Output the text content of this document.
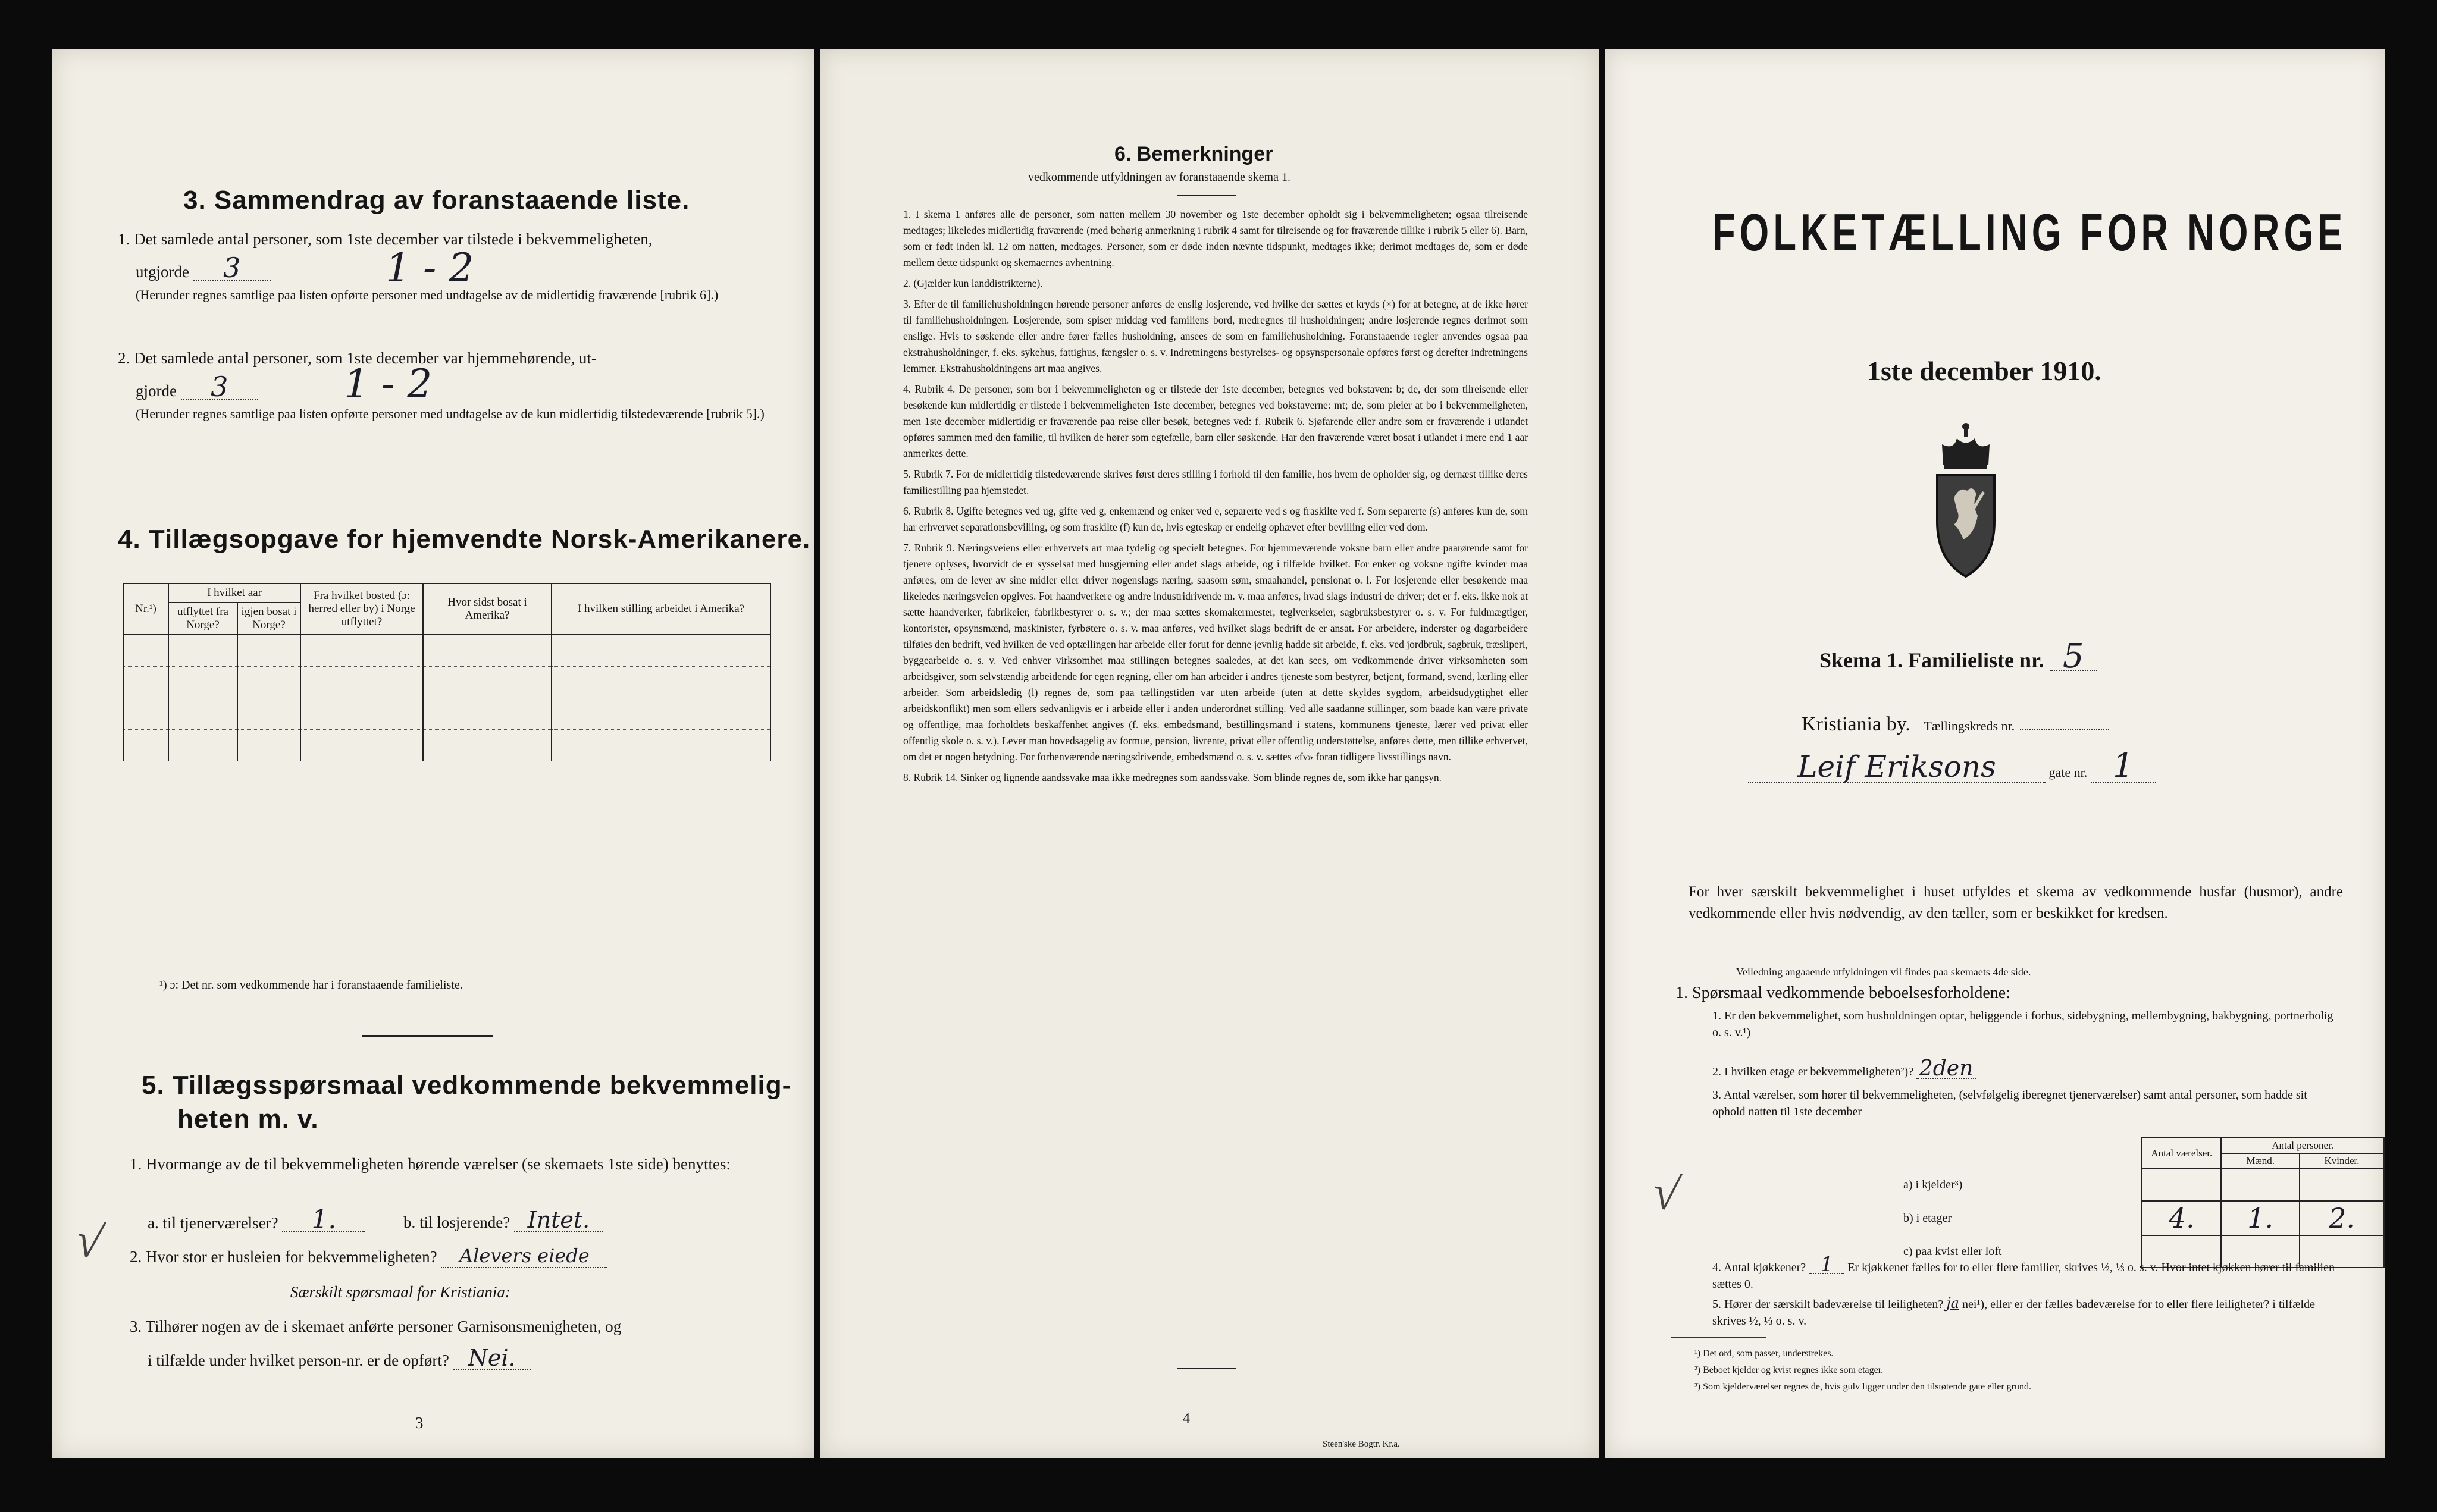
3. Sammendrag av foranstaaende liste.
1. Det samlede antal personer, som 1ste december var tilstede i bekvemmeligheten,
utgjorde 3	1 - 2
(Herunder regnes samtlige paa listen opførte personer med undtagelse av de midlertidig fraværende [rubrik 6].)
2. Det samlede antal personer, som 1ste december var hjemmehørende, ut-
gjorde 3	1 - 2
(Herunder regnes samtlige paa listen opførte personer med undtagelse av de kun midlertidig tilstedeværende [rubrik 5].)
4. Tillægsopgave for hjemvendte Norsk-Amerikanere.
Nr.¹)	I hvilket aar		Fra hvilket bosted (ɔ: herred eller by) i Norge utflyttet?	Hvor sidst bosat i Amerika?	I hvilken stilling arbeidet i Amerika?
	utflyttet fra Norge?	igjen bosat i Norge?			

¹) ɔ: Det nr. som vedkommende har i foranstaaende familieliste.
5. Tillægsspørsmaal vedkommende bekvemmelig-
heten m. v.
1. Hvormange av de til bekvemmeligheten hørende værelser (se skemaets 1ste side) benyttes:
a. til tjenerværelser? 1.	b. til losjerende? Intet.
2. Hvor stor er husleien for bekvemmeligheten? Alevers eiede
Særskilt spørsmaal for Kristiania:
3. Tilhører nogen av de i skemaet anførte personer Garnisonsmenigheten, og
i tilfælde under hvilket person-nr. er de opført? Nei.
√
3
6. Bemerkninger
vedkommende utfyldningen av foranstaaende skema 1.
1. I skema 1 anføres alle de personer, som natten mellem 30 november og 1ste december opholdt sig i bekvemmeligheten; ogsaa tilreisende medtages; likeledes midlertidig fraværende (med behørig anmerkning i rubrik 4 samt for tilreisende og for fraværende tillike i rubrik 5 eller 6). Barn, som er født inden kl. 12 om natten, medtages. Personer, som er døde inden nævnte tidspunkt, medtages ikke; derimot medtages de, som er døde mellem dette tidspunkt og skemaernes avhentning.
2. (Gjælder kun landdistrikterne).
3. Efter de til familiehusholdningen hørende personer anføres de enslig losjerende, ved hvilke der sættes et kryds (×) for at betegne, at de ikke hører til familiehusholdningen. Losjerende, som spiser middag ved familiens bord, medregnes til husholdningen; andre losjerende regnes derimot som enslige. Hvis to søskende eller andre fører fælles husholdning, ansees de som en familiehusholdning. Foranstaaende regler anvendes ogsaa paa ekstrahusholdninger, f. eks. sykehus, fattighus, fængsler o. s. v. Indretningens bestyrelses- og opsynspersonale opføres først og derefter indretningens lemmer. Ekstrahusholdningens art maa angives.
4. Rubrik 4. De personer, som bor i bekvemmeligheten og er tilstede der 1ste december, betegnes ved bokstaven: b; de, der som tilreisende eller besøkende kun midlertidig er tilstede i bekvemmeligheten 1ste december, betegnes ved bokstaverne: mt; de, som pleier at bo i bekvemmeligheten, men 1ste december midlertidig er fraværende paa reise eller besøk, betegnes ved: f. Rubrik 6. Sjøfarende eller andre som er fraværende i utlandet opføres sammen med den familie, til hvilken de hører som egtefælle, barn eller søskende. Har den fraværende været bosat i utlandet i mere end 1 aar anmerkes dette.
5. Rubrik 7. For de midlertidig tilstedeværende skrives først deres stilling i forhold til den familie, hos hvem de opholder sig, og dernæst tillike deres familiestilling paa hjemstedet.
6. Rubrik 8. Ugifte betegnes ved ug, gifte ved g, enkemænd og enker ved e, separerte ved s og fraskilte ved f. Som separerte (s) anføres kun de, som har erhvervet separationsbevilling, og som fraskilte (f) kun de, hvis egteskap er endelig ophævet efter bevilling eller ved dom.
7. Rubrik 9. Næringsveiens eller erhvervets art maa tydelig og specielt betegnes. For hjemmeværende voksne barn eller andre paarørende samt for tjenere oplyses, hvorvidt de er sysselsat med husgjerning eller andet slags arbeide, og i tilfælde hvilket. For enker og voksne ugifte kvinder maa anføres, om de lever av sine midler eller driver nogenslags næring, saasom søm, smaahandel, pensionat o. l. For losjerende eller besøkende maa likeledes næringsveien opgives. For haandverkere og andre industridrivende m. v. maa anføres, hvad slags industri de driver; det er f. eks. ikke nok at sætte haandverker, fabrikeier, fabrikbestyrer o. s. v.; der maa sættes skomakermester, teglverkseier, sagbruksbestyrer o. s. v. For fuldmægtiger, kontorister, opsynsmænd, maskinister, fyrbøtere o. s. v. maa anføres, ved hvilket slags bedrift de er ansat. For arbeidere, inderster og dagarbeidere tilføies den bedrift, ved hvilken de ved optællingen har arbeide eller forut for denne jevnlig hadde sit arbeide, f. eks. ved jordbruk, sagbruk, træsliperi, byggearbeide o. s. v. Ved enhver virksomhet maa stillingen betegnes saaledes, at det kan sees, om vedkommende driver virksomheten som arbeidsgiver, som selvstændig arbeidende for egen regning, eller om han arbeider i andres tjeneste som bestyrer, betjent, formand, svend, lærling eller arbeider. Som arbeidsledig (l) regnes de, som paa tællingstiden var uten arbeide (uten at dette skyldes sygdom, arbeidsudygtighet eller arbeidskonflikt) men som ellers sedvanligvis er i arbeide eller i anden underordnet stilling. Ved alle saadanne stillinger, som baade kan være private og offentlige, maa forholdets beskaffenhet angives (f. eks. embedsmand, bestillingsmand i statens, kommunens tjeneste, lærer ved privat eller offentlig skole o. s. v.). Lever man hovedsagelig av formue, pension, livrente, privat eller offentlig understøttelse, anføres dette, men tillike erhvervet, om det er nogen betydning. For forhenværende næringsdrivende, embedsmænd o. s. v. sættes «fv» foran tidligere livsstillings navn.
8. Rubrik 14. Sinker og lignende aandssvake maa ikke medregnes som aandssvake. Som blinde regnes de, som ikke har gangsyn.
4
Steen'ske Bogtr. Kr.a.
FOLKETÆLLING FOR NORGE
1ste december 1910.
Skema 1. Familieliste nr. 5
Kristiania by. Tællingskreds nr.
Leif Eriksons	gate nr. 1
For hver særskilt bekvemmelighet i huset utfyldes et skema av vedkommende husfar (husmor), andre vedkommende eller hvis nødvendig, av den tæller, som er beskikket for kredsen.
Veiledning angaaende utfyldningen vil findes paa skemaets 4de side.
1. Spørsmaal vedkommende beboelsesforholdene:
1. Er den bekvemmelighet, som husholdningen optar, beliggende i forhus, sidebygning, mellembygning, bakbygning, portnerbolig o. s. v.¹)
2. I hvilken etage er bekvemmeligheten²)? 2den
3. Antal værelser, som hører til bekvemmeligheten, (selvfølgelig iberegnet tjenerværelser) samt antal personer, som hadde sit ophold natten til 1ste december
	Antal værelser.	Antal personer.	
		Mænd.	Kvinder.
a) i kjelder³)			
b) i etager	4.	1.	2.
c) paa kvist eller loft			
4. Antal kjøkkener? 1 Er kjøkkenet fælles for to eller flere familier, skrives ½, ⅓ o. s. v. Hvor intet kjøkken hører til familien sættes 0.
5. Hører der særskilt badeværelse til leiligheten? ja nei¹), eller er der fælles badeværelse for to eller flere leiligheter? i tilfælde skrives ½, ⅓ o. s. v.
¹) Det ord, som passer, understrekes.
²) Beboet kjelder og kvist regnes ikke som etager.
³) Som kjelderværelser regnes de, hvis gulv ligger under den tilstøtende gate eller grund.
√
